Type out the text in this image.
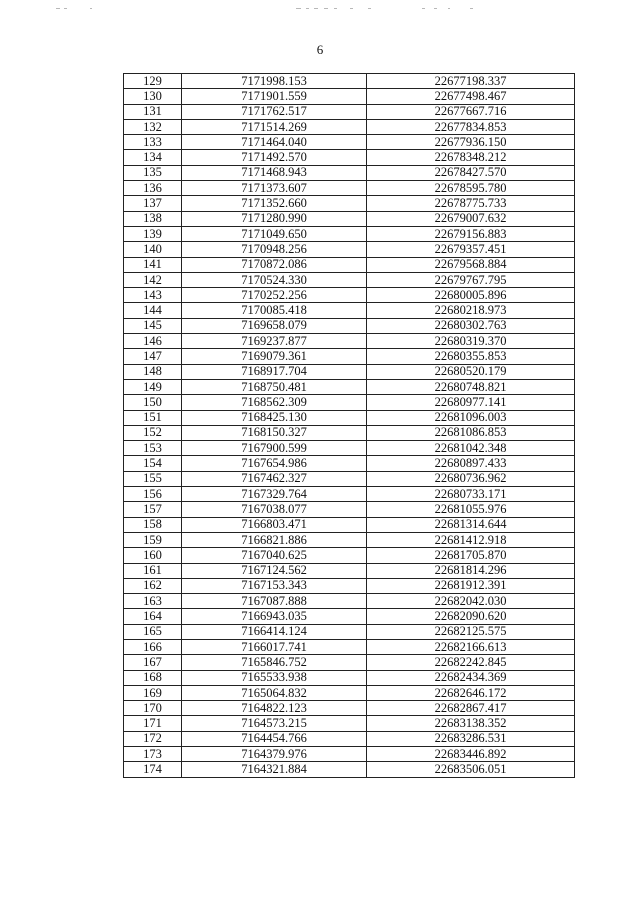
6
129	7171998.153	22677198.337
130	7171901.559	22677498.467
131	7171762.517	22677667.716
132	7171514.269	22677834.853
133	7171464.040	22677936.150
134	7171492.570	22678348.212
135	7171468.943	22678427.570
136	7171373.607	22678595.780
137	7171352.660	22678775.733
138	7171280.990	22679007.632
139	7171049.650	22679156.883
140	7170948.256	22679357.451
141	7170872.086	22679568.884
142	7170524.330	22679767.795
143	7170252.256	22680005.896
144	7170085.418	22680218.973
145	7169658.079	22680302.763
146	7169237.877	22680319.370
147	7169079.361	22680355.853
148	7168917.704	22680520.179
149	7168750.481	22680748.821
150	7168562.309	22680977.141
151	7168425.130	22681096.003
152	7168150.327	22681086.853
153	7167900.599	22681042.348
154	7167654.986	22680897.433
155	7167462.327	22680736.962
156	7167329.764	22680733.171
157	7167038.077	22681055.976
158	7166803.471	22681314.644
159	7166821.886	22681412.918
160	7167040.625	22681705.870
161	7167124.562	22681814.296
162	7167153.343	22681912.391
163	7167087.888	22682042.030
164	7166943.035	22682090.620
165	7166414.124	22682125.575
166	7166017.741	22682166.613
167	7165846.752	22682242.845
168	7165533.938	22682434.369
169	7165064.832	22682646.172
170	7164822.123	22682867.417
171	7164573.215	22683138.352
172	7164454.766	22683286.531
173	7164379.976	22683446.892
174	7164321.884	22683506.051
